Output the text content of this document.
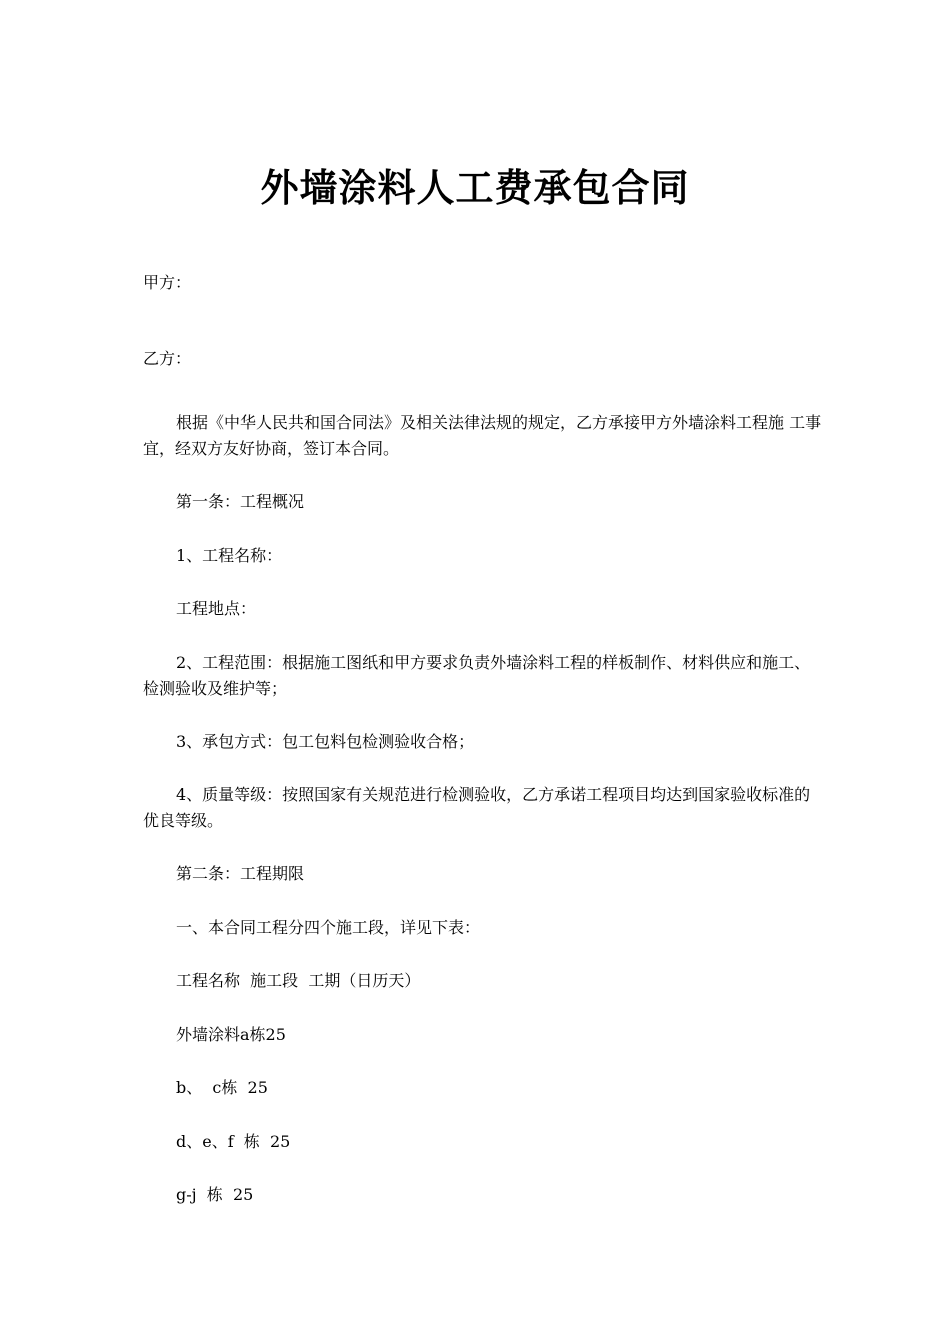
外墙涂料人工费承包合同
甲方：
乙方：
根据《中华人民共和国合同法》及相关法律法规的规定，乙方承接甲方外墙涂料工程施 工事宜，经双方友好协商，签订本合同。
第一条：工程概况
1、工程名称：
工程地点：
2、工程范围：根据施工图纸和甲方要求负责外墙涂料工程的样板制作、材料供应和施工、检测验收及维护等；
3、承包方式：包工包料包检测验收合格；
4、质量等级：按照国家有关规范进行检测验收，乙方承诺工程项目均达到国家验收标准的优良等级。
第二条：工程期限
一、本合同工程分四个施工段，详见下表：
工程名称  施工段  工期（日历天）
外墙涂料a栋25
b、  c栋  25
d、e、f  栋  25
g-j  栋  25
